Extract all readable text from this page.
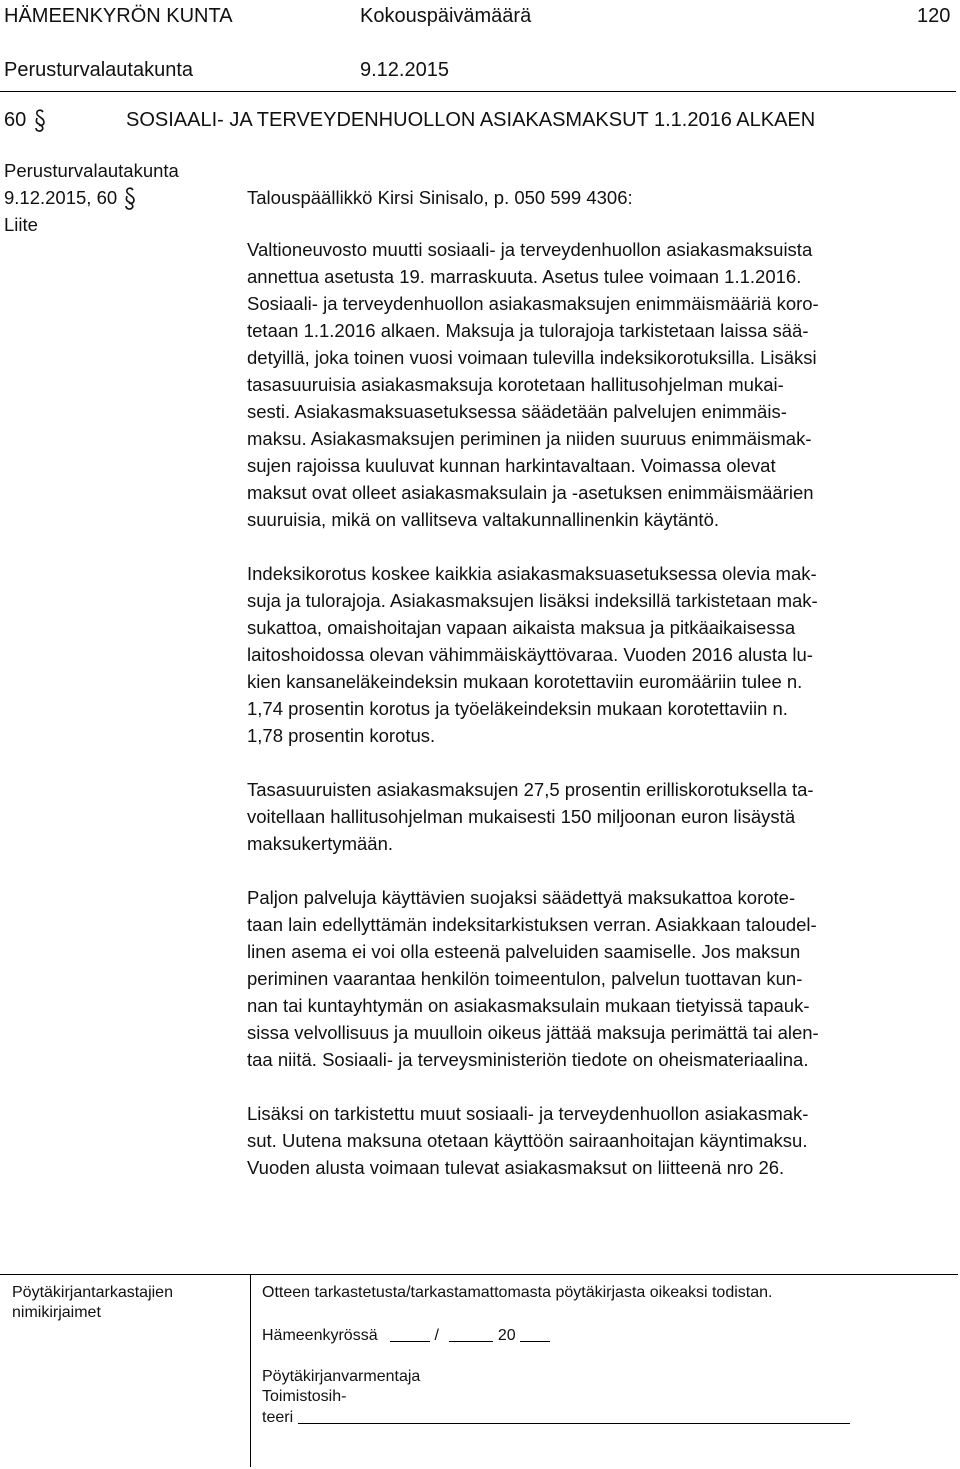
HÄMEENKYRÖN KUNTA	Kokouspäivämäärä	120
Perusturvalautakunta	9.12.2015
60	SOSIAALI- JA TERVEYDENHUOLLON ASIAKASMAKSUT 1.1.2016 ALKAEN
Perusturvalautakunta
9.12.2015, 60
Liite
Talouspäällikkö Kirsi Sinisalo, p. 050 599 4306:

Valtioneuvosto muutti sosiaali- ja terveydenhuollon asiakasmaksuista

annettua asetusta 19. marraskuuta. Asetus tulee voimaan 1.1.2016.

Sosiaali- ja terveydenhuollon asiakasmaksujen enimmäismääriä koro-

tetaan 1.1.2016 alkaen. Maksuja ja tulorajoja tarkistetaan laissa sää-

detyillä, joka toinen vuosi voimaan tulevilla indeksikorotuksilla. Lisäksi

tasasuuruisia asiakasmaksuja korotetaan hallitusohjelman mukai-

sesti. Asiakasmaksuasetuksessa säädetään palvelujen enimmäis-

maksu. Asiakasmaksujen periminen ja niiden suuruus enimmäismak-

sujen rajoissa kuuluvat kunnan harkintavaltaan. Voimassa olevat

maksut ovat olleet asiakasmaksulain ja -asetuksen enimmäismäärien

suuruisia, mikä on vallitseva valtakunnallinenkin käytäntö.

Indeksikorotus koskee kaikkia asiakasmaksuasetuksessa olevia mak-

suja ja tulorajoja. Asiakasmaksujen lisäksi indeksillä tarkistetaan mak-

sukattoa, omaishoitajan vapaan aikaista maksua ja pitkäaikaisessa

laitoshoidossa olevan vähimmäiskäyttövaraa. Vuoden 2016 alusta lu-

kien kansaneläkeindeksin mukaan korotettaviin euromääriin tulee n.

1,74 prosentin korotus ja työeläkeindeksin mukaan korotettaviin n.

1,78 prosentin korotus.

Tasasuuruisten asiakasmaksujen 27,5 prosentin erilliskorotuksella ta-

voitellaan hallitusohjelman mukaisesti 150 miljoonan euron lisäystä

maksukertymään.

Paljon palveluja käyttävien suojaksi säädettyä maksukattoa korote-

taan lain edellyttämän indeksitarkistuksen verran. Asiakkaan taloudel-

linen asema ei voi olla esteenä palveluiden saamiselle. Jos maksun

periminen vaarantaa henkilön toimeentulon, palvelun tuottavan kun-

nan tai kuntayhtymän on asiakasmaksulain mukaan tietyissä tapauk-

sissa velvollisuus ja muulloin oikeus jättää maksuja perimättä tai alen-

taa niitä. Sosiaali- ja terveysministeriön tiedote on oheismateriaalina.

Lisäksi on tarkistettu muut sosiaali- ja terveydenhuollon asiakasmak-

sut. Uutena maksuna otetaan käyttöön sairaanhoitajan käyntimaksu.

Vuoden alusta voimaan tulevat asiakasmaksut on liitteenä nro 26.

Pöytäkirjantarkastajien
nimikirjaimet
Otteen tarkastetusta/tarkastamattomasta pöytäkirjasta oikeaksi todistan.
Hämeenkyrössä	/	20
Pöytäkirjanvarmentaja
Toimistosih-
teeri
